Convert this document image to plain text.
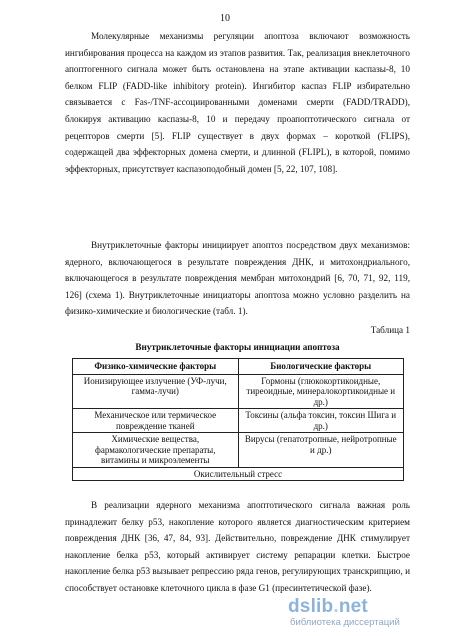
10

Молекулярные механизмы регуляции апоптоза включают возможность ингибирования процесса на каждом из этапов развития. Так, реализация внеклеточного апоптогенного сигнала может быть остановлена на этапе активации каспазы-8, 10 белком FLIP (FADD-like inhibitory protein). Ингибитор каспаз FLIP избирательно связывается с Fas-/TNF-ассоциированными доменами смерти (FADD/TRADD), блокируя активацию каспазы-8, 10 и передачу проапоптотического сигнала от рецепторов смерти [5]. FLIP существует в двух формах – короткой (FLIPS), содержащей два эффекторных домена смерти, и длинной (FLIPL), в которой, помимо эффекторных, присутствует каспазоподобный домен [5, 22, 107, 108].

Внутриклеточные факторы инициирует апоптоз посредством двух механизмов: ядерного, включающегося в результате повреждения ДНК, и митохондриального, включающегося в результате повреждения мембран митохондрий [6, 70, 71, 92, 119, 126] (схема 1). Внутриклеточные инициаторы апоптоза можно условно разделить на физико-химические и биологические (табл. 1).

Таблица 1
Внутриклеточные факторы инициации апоптоза
Физико-химические факторы	Биологические факторы
Ионизирующее излучение (УФ-лучи, гамма-лучи)	Гормоны (глюкокортикоидные, тиреоидные, минералокортикоидные и др.)
Механическое или термическое повреждение тканей	Токсины (альфа токсин, токсин Шига и др.)
Химические вещества, фармакологические препараты, витамины и микроэлементы	Вирусы (гепатотропные, нейротропные и др.)
Окислительный стресс	

В реализации ядерного механизма апоптотического сигнала важная роль принадлежит белку p53, накопление которого является диагностическим критерием повреждения ДНК [36, 47, 84, 93]. Действительно, повреждение ДНК стимулирует накопление белка p53, который активирует систему репарации клетки. Быстрое накопление белка p53 вызывает репрессию ряда генов, регулирующих транскрипцию, и способствует остановке клеточного цикла в фазе G1 (пресинтетической фазе).

dslib.net
библиотека диссертаций
